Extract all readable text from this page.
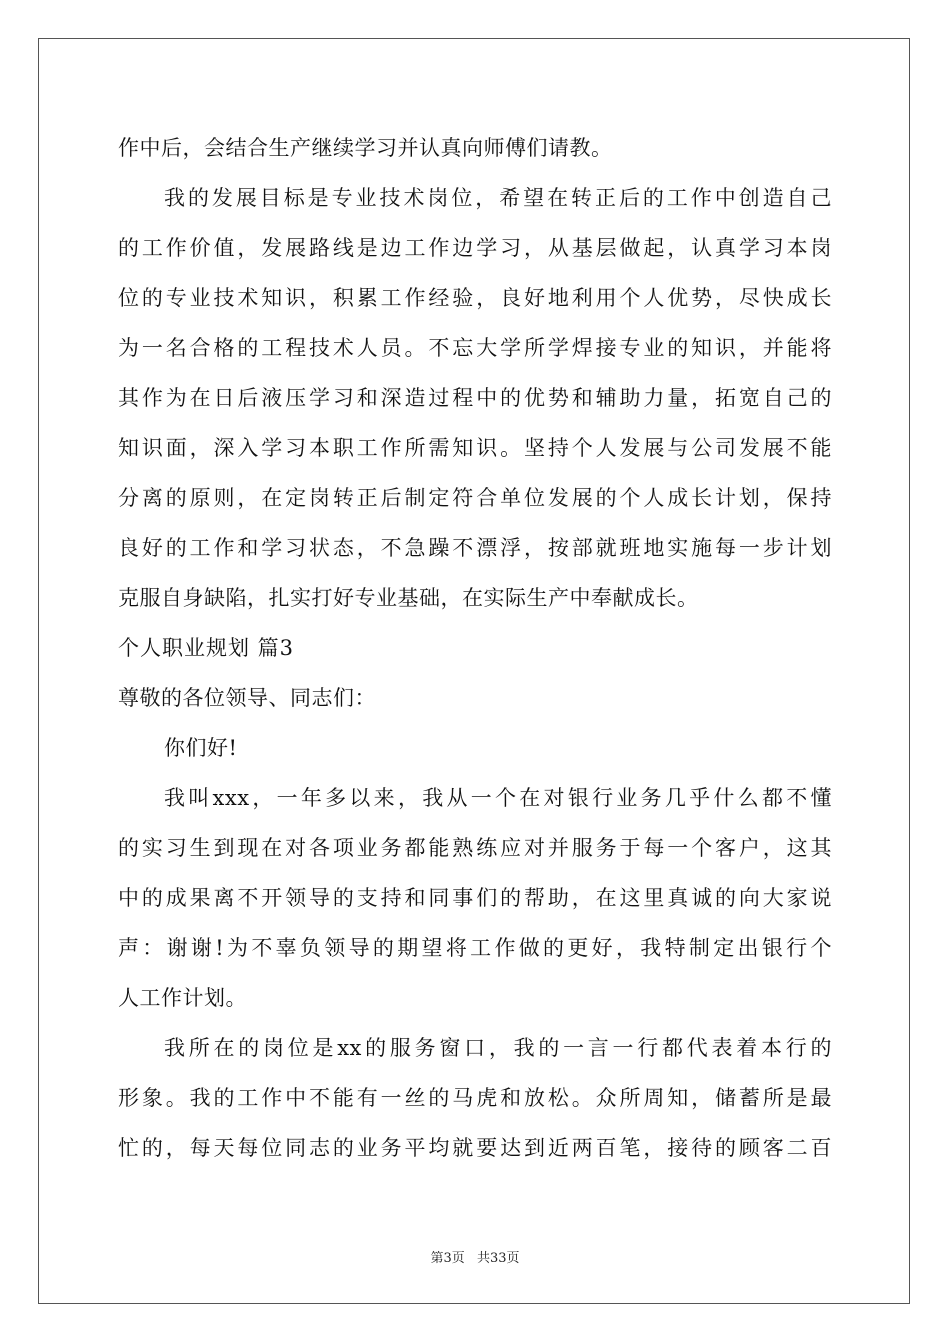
作中后，会结合生产继续学习并认真向师傅们请教。
我的发展目标是专业技术岗位，希望在转正后的工作中创造自己
的工作价值，发展路线是边工作边学习，从基层做起，认真学习本岗
位的专业技术知识，积累工作经验，良好地利用个人优势，尽快成长
为一名合格的工程技术人员。不忘大学所学焊接专业的知识，并能将
其作为在日后液压学习和深造过程中的优势和辅助力量，拓宽自己的
知识面，深入学习本职工作所需知识。坚持个人发展与公司发展不能
分离的原则，在定岗转正后制定符合单位发展的个人成长计划，保持
良好的工作和学习状态，不急躁不漂浮，按部就班地实施每一步计划
克服自身缺陷，扎实打好专业基础，在实际生产中奉献成长。
个人职业规划 篇3
尊敬的各位领导、同志们：
你们好!
我叫xxx，一年多以来，我从一个在对银行业务几乎什么都不懂
的实习生到现在对各项业务都能熟练应对并服务于每一个客户，这其
中的成果离不开领导的支持和同事们的帮助，在这里真诚的向大家说
声：谢谢!为不辜负领导的期望将工作做的更好，我特制定出银行个
人工作计划。
我所在的岗位是xx的服务窗口，我的一言一行都代表着本行的
形象。我的工作中不能有一丝的马虎和放松。众所周知，储蓄所是最
忙的，每天每位同志的业务平均就要达到近两百笔，接待的顾客二百
第3页 共33页
